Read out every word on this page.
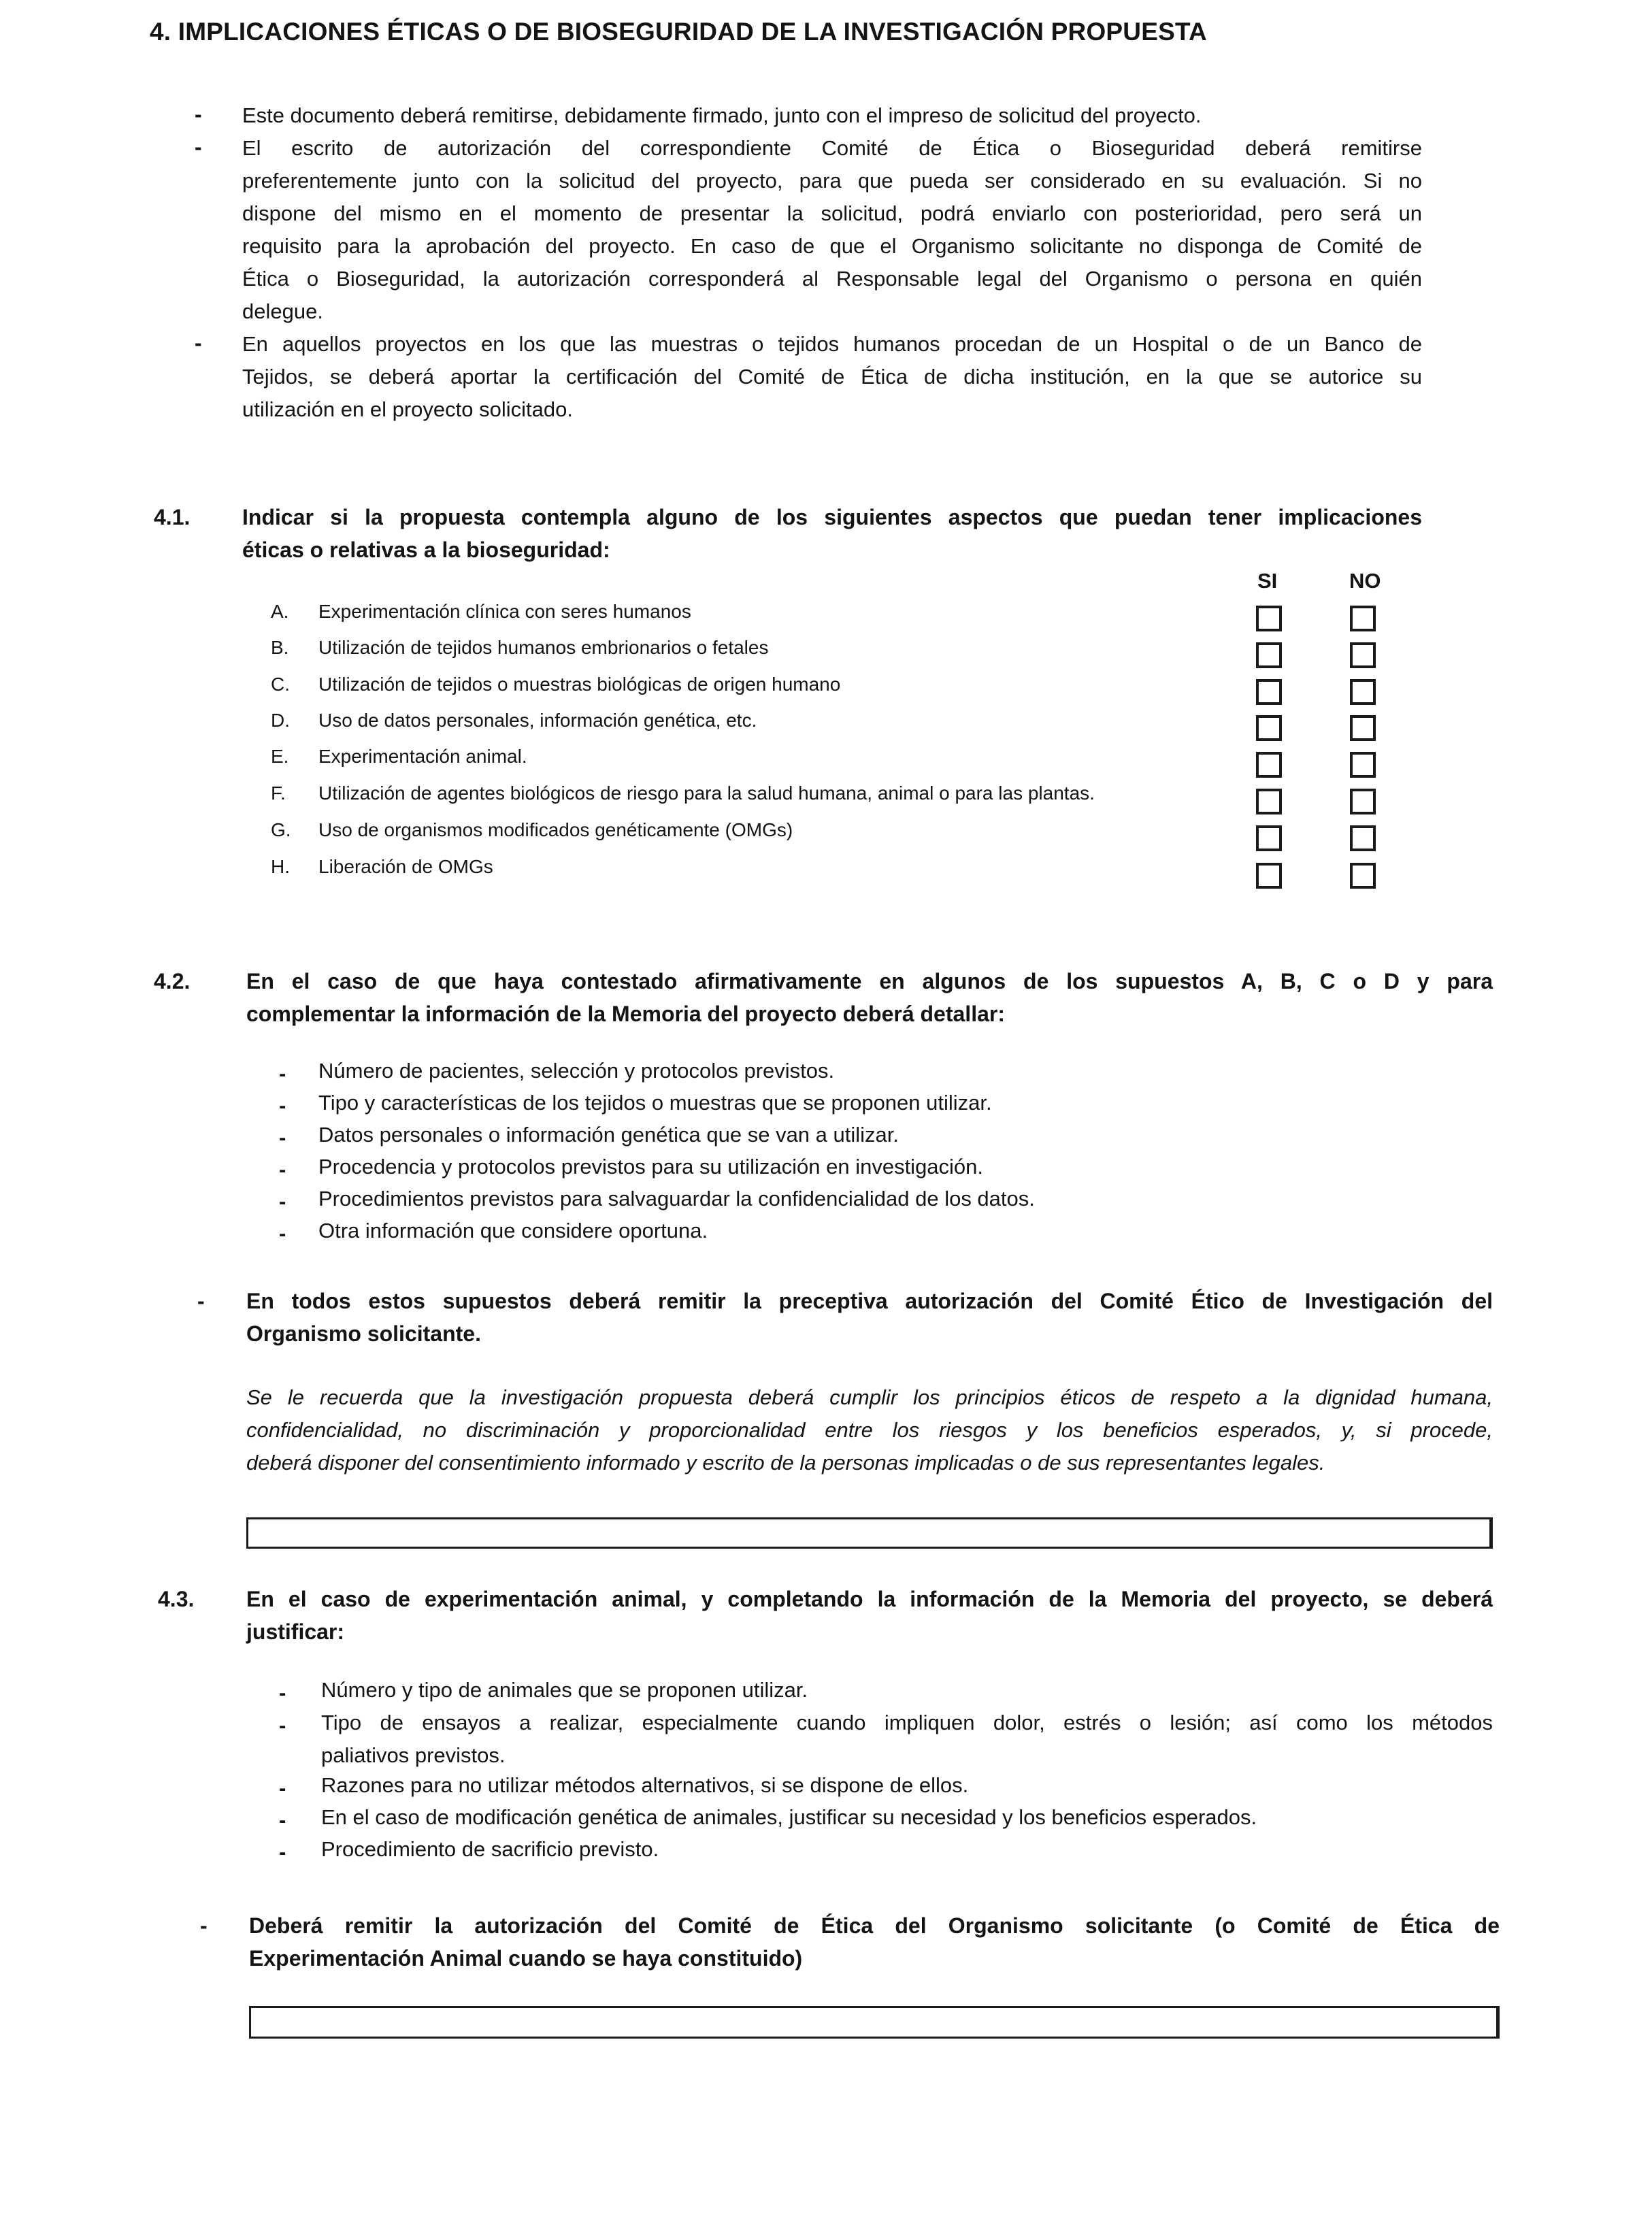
4. IMPLICACIONES ÉTICAS O DE BIOSEGURIDAD DE LA INVESTIGACIÓN PROPUESTA
- Este documento deberá remitirse, debidamente firmado, junto con el impreso de solicitud del proyecto.
- El escrito de autorización del correspondiente Comité de Ética o Bioseguridad deberá remitirse
preferentemente junto con la solicitud del proyecto, para que pueda ser considerado en su evaluación. Si no
dispone del mismo en el momento de presentar la solicitud, podrá enviarlo con posterioridad, pero será un
requisito para la aprobación del proyecto. En caso de que el Organismo solicitante no disponga de Comité de
Ética o Bioseguridad, la autorización corresponderá al Responsable legal del Organismo o persona en quién
delegue.
- En aquellos proyectos en los que las muestras o tejidos humanos procedan de un Hospital o de un Banco de
Tejidos, se deberá aportar la certificación del Comité de Ética de dicha institución, en la que se autorice su
utilización en el proyecto solicitado.
4.1. Indicar si la propuesta contempla alguno de los siguientes aspectos que puedan tener implicaciones
éticas o relativas a la bioseguridad:
SI	NO
A. Experimentación clínica con seres humanos
B. Utilización de tejidos humanos embrionarios o fetales
C. Utilización de tejidos o muestras biológicas de origen humano
D. Uso de datos personales, información genética, etc.
E. Experimentación animal.
F. Utilización de agentes biológicos de riesgo para la salud humana, animal o para las plantas.
G. Uso de organismos modificados genéticamente (OMGs)
H. Liberación de OMGs
4.2.	En el caso de que haya contestado afirmativamente en algunos de los supuestos A, B, C o D y para
complementar la información de la Memoria del proyecto deberá detallar:
- Número de pacientes, selección y protocolos previstos.
- Tipo y características de los tejidos o muestras que se proponen utilizar.
- Datos personales o información genética que se van a utilizar.
- Procedencia y protocolos previstos para su utilización en investigación.
- Procedimientos previstos para salvaguardar la confidencialidad de los datos.
- Otra información que considere oportuna.
- En todos estos supuestos deberá remitir la preceptiva autorización del Comité Ético de Investigación del
Organismo solicitante.
Se le recuerda que la investigación propuesta deberá cumplir los principios éticos de respeto a la dignidad humana,
confidencialidad, no discriminación y proporcionalidad entre los riesgos y los beneficios esperados, y, si procede,
deberá disponer del consentimiento informado y escrito de la personas implicadas o de sus representantes legales.
4.3. En el caso de experimentación animal, y completando la información de la Memoria del proyecto, se deberá
justificar:
- Número y tipo de animales que se proponen utilizar.
- Tipo de ensayos a realizar, especialmente cuando impliquen dolor, estrés o lesión; así como los métodos
paliativos previstos.
- Razones para no utilizar métodos alternativos, si se dispone de ellos.
- En el caso de modificación genética de animales, justificar su necesidad y los beneficios esperados.
- Procedimiento de sacrificio previsto.
- Deberá remitir la autorización del Comité de Ética del Organismo solicitante (o Comité de Ética de
Experimentación Animal cuando se haya constituido)
